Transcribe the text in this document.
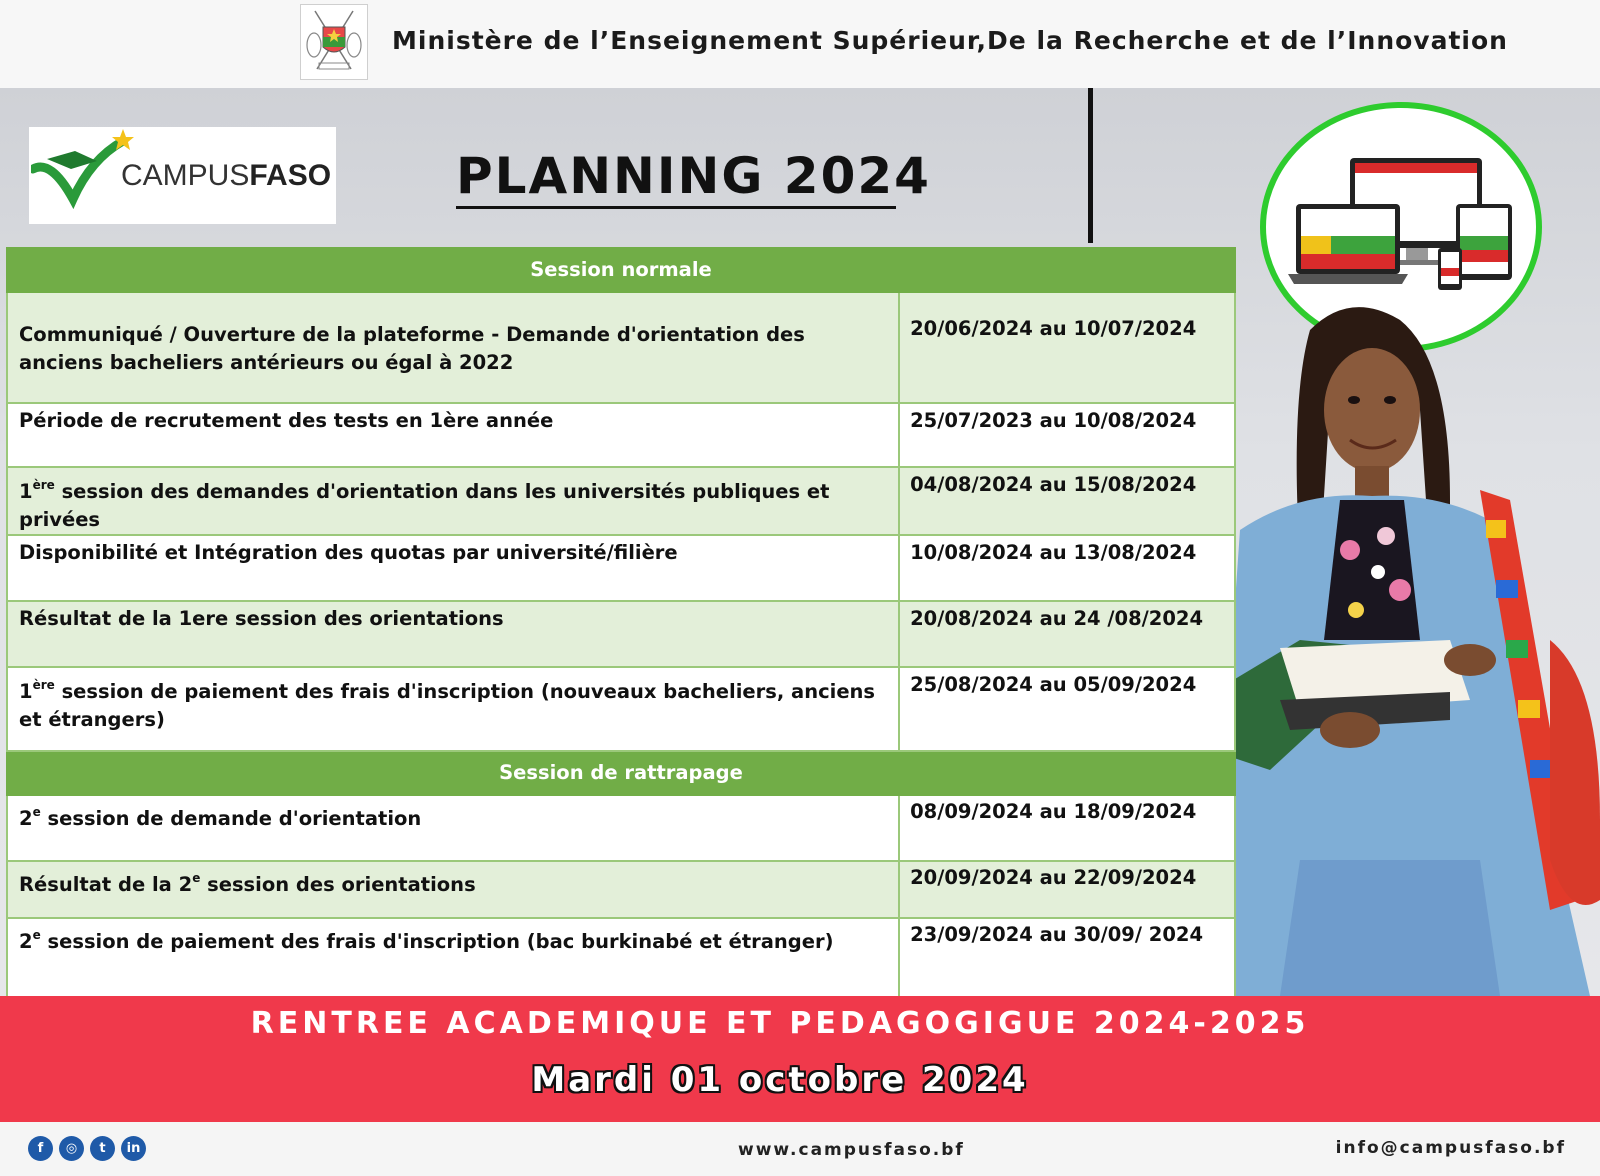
Ministère de l’Enseignement Supérieur,De la Recherche et de l’Innovation
CAMPUSFASO PLANNING 2024
Session normale	
Communiqué / Ouverture de la plateforme - Demande d'orientation des anciens bacheliers antérieurs ou égal à 2022	20/06/2024 au 10/07/2024
Période de recrutement des tests en 1ère année	25/07/2023 au 10/08/2024
1ère session des demandes d'orientation dans les universités publiques et privées	04/08/2024 au 15/08/2024
Disponibilité et Intégration des quotas par université/filière	10/08/2024 au 13/08/2024
Résultat de la 1ere session des orientations	20/08/2024 au 24 /08/2024
1ère session de paiement des frais d'inscription (nouveaux bacheliers, anciens et étrangers)	25/08/2024 au 05/09/2024
Session de rattrapage	
2e session de demande d'orientation	08/09/2024 au 18/09/2024
Résultat de la 2e session des orientations	20/09/2024 au 22/09/2024
2e session de paiement des frais d'inscription (bac burkinabé et étranger)	23/09/2024 au 30/09/ 2024
RENTREE ACADEMIQUE ET PEDAGOGIGUE 2024-2025
Mardi 01 octobre 2024
f	◎	t	in	www.campusfaso.bf	info@campusfaso.bf
